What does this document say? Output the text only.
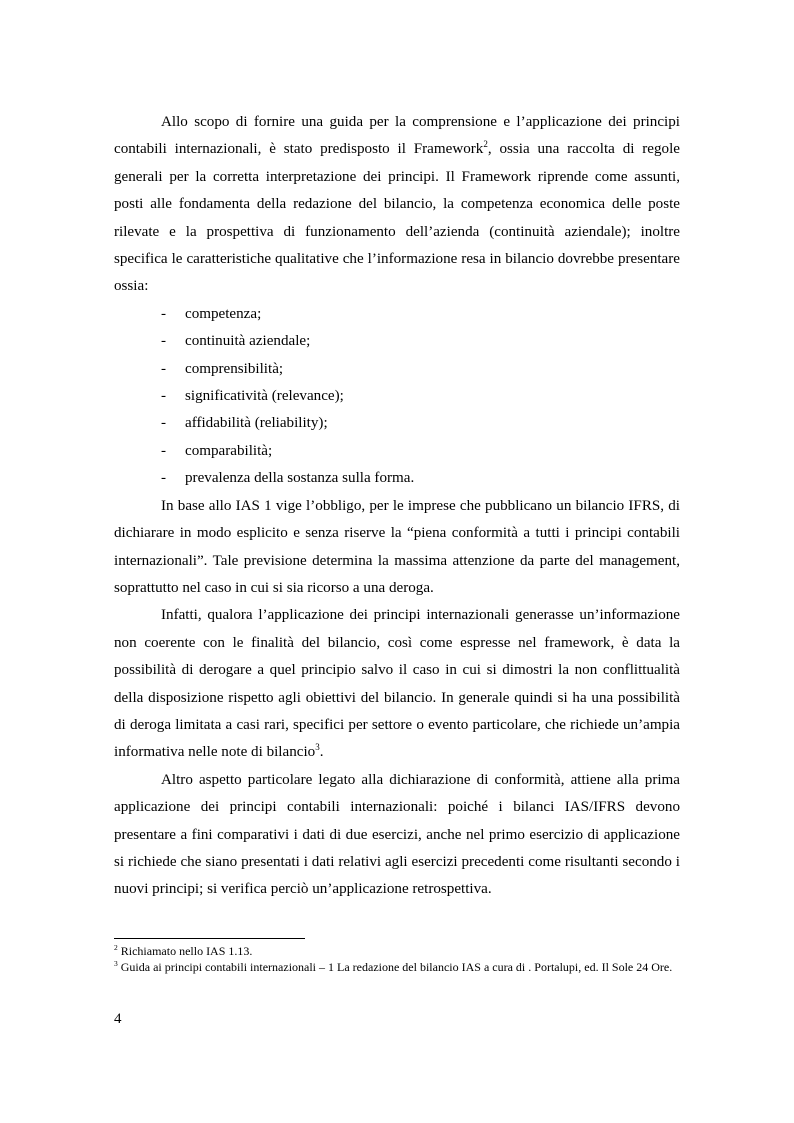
Allo scopo di fornire una guida per la comprensione e l’applicazione dei principi contabili internazionali, è stato predisposto il Framework$^2$, ossia una raccolta di regole generali per la corretta interpretazione dei principi. Il Framework riprende come assunti, posti alle fondamenta della redazione del bilancio, la competenza economica delle poste rilevate e la prospettiva di funzionamento dell’azienda (continuità aziendale); inoltre specifica le caratteristiche qualitative che l’informazione resa in bilancio dovrebbe presentare ossia:

- competenza;
- continuità aziendale;
- comprensibilità;
- significatività (relevance);
- affidabilità (reliability);
- comparabilità;
- prevalenza della sostanza sulla forma.

In base allo IAS 1 vige l’obbligo, per le imprese che pubblicano un bilancio IFRS, di dichiarare in modo esplicito e senza riserve la “piena conformità a tutti i principi contabili internazionali”. Tale previsione determina la massima attenzione da parte del management, soprattutto nel caso in cui si sia ricorso a una deroga.

Infatti, qualora l’applicazione dei principi internazionali generasse un’informazione non coerente con le finalità del bilancio, così come espresse nel framework, è data la possibilità di derogare a quel principio salvo il caso in cui si dimostri la non conflittualità della disposizione rispetto agli obiettivi del bilancio. In generale quindi si ha una possibilità di deroga limitata a casi rari, specifici per settore o evento particolare, che richiede un’ampia informativa nelle note di bilancio$^3$.

Altro aspetto particolare legato alla dichiarazione di conformità, attiene alla prima applicazione dei principi contabili internazionali: poiché i bilanci IAS/IFRS devono presentare a fini comparativi i dati di due esercizi, anche nel primo esercizio di applicazione si richiede che siano presentati i dati relativi agli esercizi precedenti come risultanti secondo i nuovi principi; si verifica perciò un’applicazione retrospettiva.

$^2$ Richiamato nello IAS 1.13.

$^3$ Guida ai principi contabili internazionali – 1 La redazione del bilancio IAS a cura di . Portalupi, ed. Il Sole 24 Ore.

4
